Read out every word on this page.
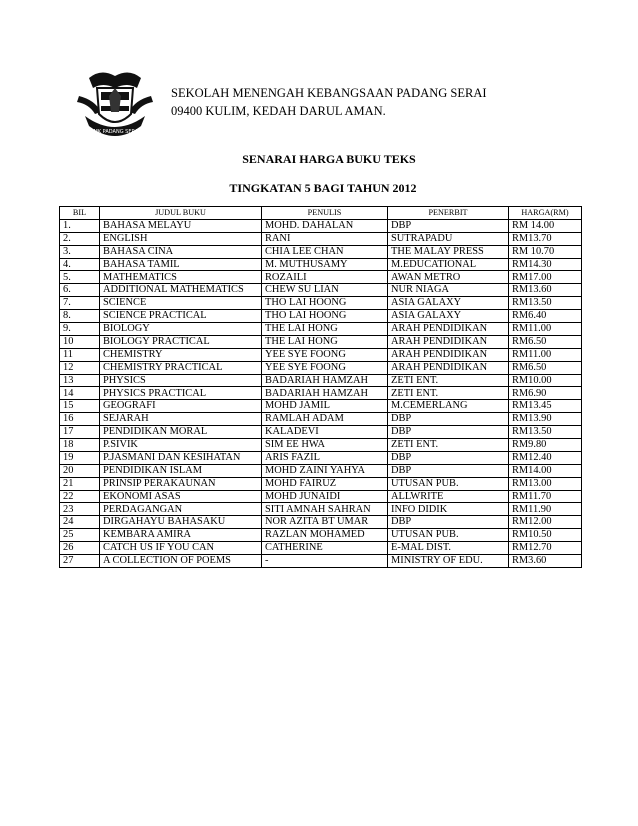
SMK PADANG SERAI
SEKOLAH MENENGAH KEBANGSAAN PADANG SERAI
09400 KULIM, KEDAH DARUL AMAN.
SENARAI HARGA BUKU TEKS
TINGKATAN 5 BAGI TAHUN 2012
BIL	JUDUL BUKU	PENULIS	PENERBIT	HARGA(RM)
1.	BAHASA MELAYU	MOHD. DAHALAN	DBP	RM 14.00
2.	ENGLISH	RANI	SUTRAPADU	RM13.70
3.	BAHASA CINA	CHIA LEE CHAN	THE MALAY PRESS	RM 10.70
4.	BAHASA TAMIL	M. MUTHUSAMY	M.EDUCATIONAL	RM14.30
5.	MATHEMATICS	ROZAILI	AWAN METRO	RM17.00
6.	ADDITIONAL MATHEMATICS	CHEW SU LIAN	NUR NIAGA	RM13.60
7.	SCIENCE	THO LAI HOONG	ASIA GALAXY	RM13.50
8.	SCIENCE PRACTICAL	THO LAI HOONG	ASIA GALAXY	RM6.40
9.	BIOLOGY	THE LAI HONG	ARAH PENDIDIKAN	RM11.00
10	BIOLOGY PRACTICAL	THE LAI HONG	ARAH PENDIDIKAN	RM6.50
11	CHEMISTRY	YEE SYE FOONG	ARAH PENDIDIKAN	RM11.00
12	CHEMISTRY PRACTICAL	YEE SYE FOONG	ARAH PENDIDIKAN	RM6.50
13	PHYSICS	BADARIAH HAMZAH	ZETI ENT.	RM10.00
14	PHYSICS PRACTICAL	BADARIAH HAMZAH	ZETI ENT.	RM6.90
15	GEOGRAFI	MOHD JAMIL	M.CEMERLANG	RM13.45
16	SEJARAH	RAMLAH ADAM	DBP	RM13.90
17	PENDIDIKAN MORAL	KALADEVI	DBP	RM13.50
18	P.SIVIK	SIM EE HWA	ZETI ENT.	RM9.80
19	P.JASMANI DAN KESIHATAN	ARIS FAZIL	DBP	RM12.40
20	PENDIDIKAN ISLAM	MOHD ZAINI YAHYA	DBP	RM14.00
21	PRINSIP PERAKAUNAN	MOHD FAIRUZ	UTUSAN PUB.	RM13.00
22	EKONOMI ASAS	MOHD JUNAIDI	ALLWRITE	RM11.70
23	PERDAGANGAN	SITI AMNAH SAHRAN	INFO DIDIK	RM11.90
24	DIRGAHAYU BAHASAKU	NOR AZITA BT UMAR	DBP	RM12.00
25	KEMBARA AMIRA	RAZLAN MOHAMED	UTUSAN PUB.	RM10.50
26	CATCH US IF YOU CAN	CATHERINE	E-MAL DIST.	RM12.70
27	A COLLECTION OF POEMS	-	MINISTRY OF EDU.	RM3.60
